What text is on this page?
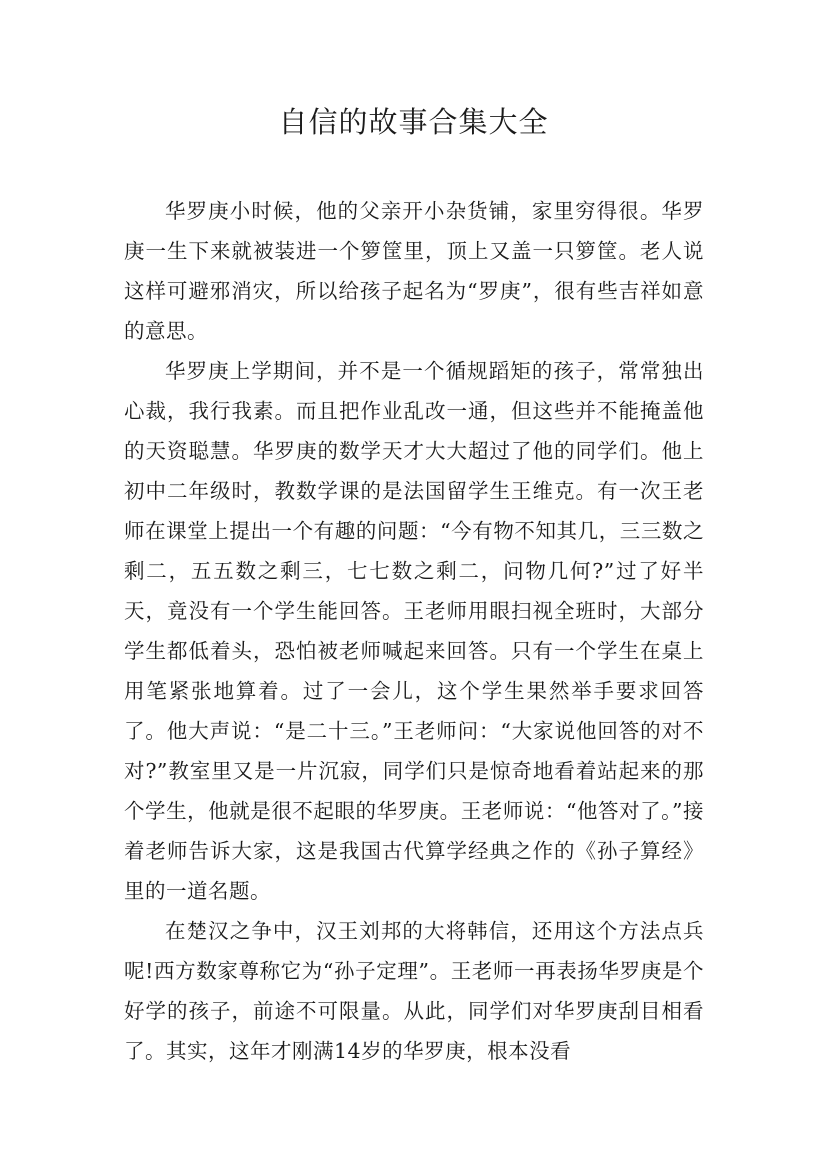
自信的故事合集大全

华罗庚小时候，他的父亲开小杂货铺，家里穷得很。华罗庚一生下来就被装进一个箩筐里，顶上又盖一只箩筐。老人说这样可避邪消灾，所以给孩子起名为“罗庚”，很有些吉祥如意的意思。

华罗庚上学期间，并不是一个循规蹈矩的孩子，常常独出心裁，我行我素。而且把作业乱改一通，但这些并不能掩盖他的天资聪慧。华罗庚的数学天才大大超过了他的同学们。他上初中二年级时，教数学课的是法国留学生王维克。有一次王老师在课堂上提出一个有趣的问题：“今有物不知其几，三三数之剩二，五五数之剩三，七七数之剩二，问物几何?”过了好半天，竟没有一个学生能回答。王老师用眼扫视全班时，大部分学生都低着头，恐怕被老师喊起来回答。只有一个学生在桌上用笔紧张地算着。过了一会儿，这个学生果然举手要求回答了。他大声说：“是二十三。”王老师问：“大家说他回答的对不对?”教室里又是一片沉寂，同学们只是惊奇地看着站起来的那个学生，他就是很不起眼的华罗庚。王老师说：“他答对了。”接着老师告诉大家，这是我国古代算学经典之作的《孙子算经》里的一道名题。

在楚汉之争中，汉王刘邦的大将韩信，还用这个方法点兵呢!西方数家尊称它为“孙子定理”。王老师一再表扬华罗庚是个好学的孩子，前途不可限量。从此，同学们对华罗庚刮目相看了。其实，这年才刚满14岁的华罗庚，根本没看
